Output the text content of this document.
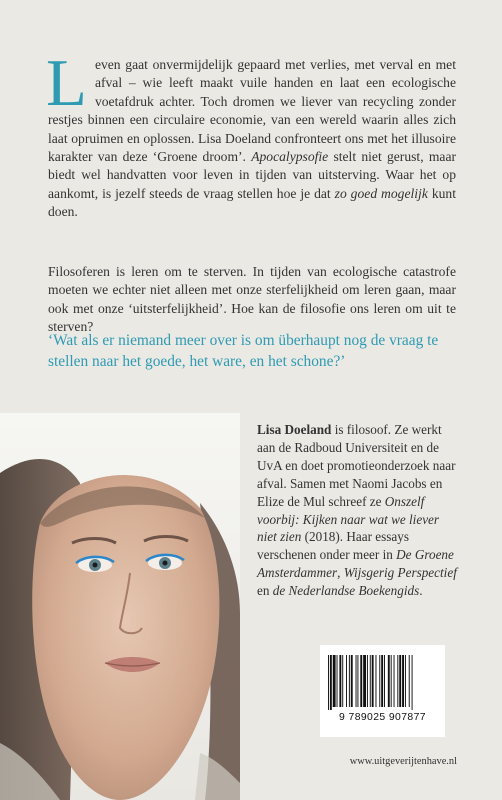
L even gaat onvermijdelijk gepaard met verlies, met verval en met afval – wie leeft maakt vuile handen en laat een ecologische voetafdruk achter. Toch dromen we liever van recycling zonder restjes binnen een circulaire economie, van een wereld waarin alles zich laat opruimen en oplossen. Lisa Doeland confronteert ons met het illusoire karakter van deze ‘Groene droom’. Apocalypsofie stelt niet gerust, maar biedt wel handvatten voor leven in tijden van uitsterving. Waar het op aankomt, is jezelf steeds de vraag stellen hoe je dat zo goed mogelijk kunt doen.
Filosoferen is leren om te sterven. In tijden van ecologische catastrofe moeten we echter niet alleen met onze sterfelijkheid om leren gaan, maar ook met onze ‘uitsterfelijkheid’. Hoe kan de filosofie ons leren om uit te sterven?
‘Wat als er niemand meer over is om überhaupt nog de vraag te stellen naar het goede, het ware, en het schone?’
Lisa Doeland is filosoof. Ze werkt aan de Radboud Universiteit en de UvA en doet promotieonderzoek naar afval. Samen met Naomi Jacobs en Elize de Mul schreef ze Onszelf voorbij: Kijken naar wat we liever niet zien (2018). Haar essays verschenen onder meer in De Groene Amsterdammer, Wijsgerig Perspectief en de Nederlandse Boekengids.
9 789025 907877
www.uitgeverijtenhave.nl
